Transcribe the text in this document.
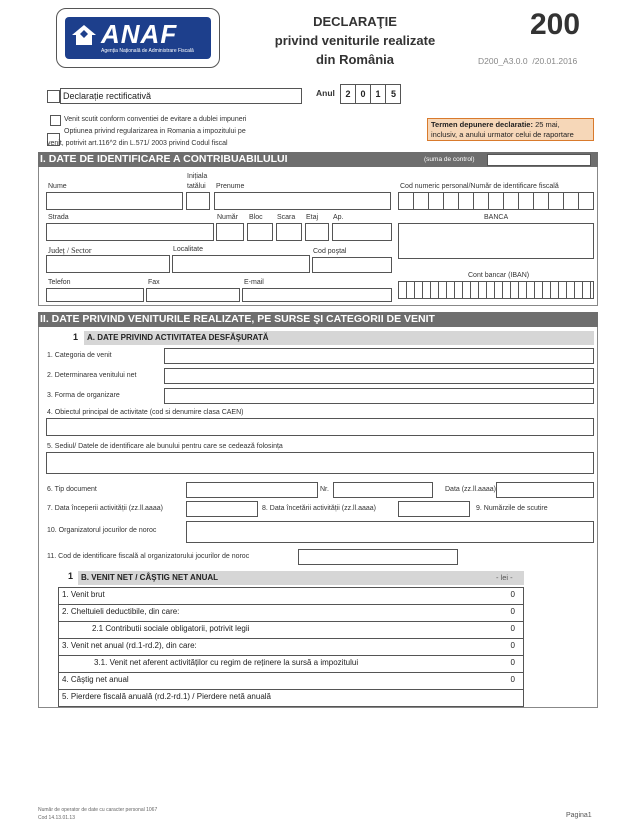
ANAF
Agenția Națională de Administrare Fiscală
DECLARAŢIE
privind veniturile realizate
din România
200
D200_A3.0.0 /20.01.2016
Declarație rectificativă	Anul	2	0	1	5
Venit scutit conform conventiei de evitare a dublei impuneri
Optiunea privind regularizarea in Romania a impozitului pe
venit, potrivit art.116^2 din L.571/ 2003 privind Codul fiscal
Termen depunere declaratie: 25 mai,
inclusiv, a anului urmator celui de raportare
I. DATE DE IDENTIFICARE A CONTRIBUABILULUI	(suma de control)
Nume
Inițiala
tatălui Prenume	Cod numeric personal/Număr de identificare fiscală
Strada	Număr Bloc Scara Etaj Ap.	BANCA
Județ / Sector	Localitate	Cod poştal
Cont bancar (IBAN)
Telefon	Fax	E-mail
II. DATE PRIVIND VENITURILE REALIZATE, PE SURSE ŞI CATEGORII DE VENIT
1	A. DATE PRIVIND ACTIVITATEA DESFĂŞURATĂ
1. Categoria de venit
2. Determinarea venitului net
3. Forma de organizare
4. Obiectul principal de activitate (cod si denumire clasa CAEN)
5. Sediul/ Datele de identificare ale bunului pentru care se cedează folosința
6. Tip document	Nr.	Data (zz.ll.aaaa)
7. Data începerii activității (zz.ll.aaaa)	8. Data încetării activității (zz.ll.aaaa)	9. Numărzile de scutire
10. Organizatorul jocurilor de noroc
11. Cod de identificare fiscală al organizatorului jocurilor de noroc
1 B. VENIT NET / CÂŞTIG NET ANUAL	- lei -
1. Venit brut	0
2. Cheltuieli deductibile, din care:	0
2.1 Contributii sociale obligatorii, potrivit legii	0
3. Venit net anual (rd.1-rd.2), din care:	0
3.1. Venit net aferent activităților cu regim de reținere la sursă a impozitului	0
4. Câştig net anual	0
5. Pierdere fiscală anuală (rd.2-rd.1) / Pierdere netă anuală
Număr de operator de date cu caracter personal 1067
Cod 14.13.01.13	Pagina1
